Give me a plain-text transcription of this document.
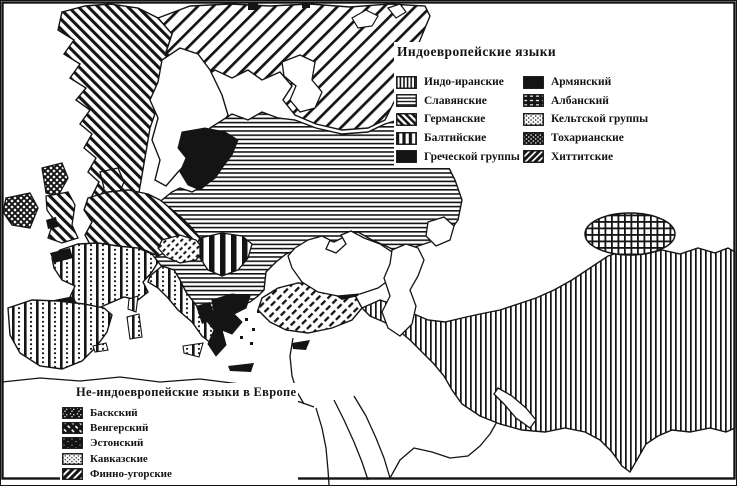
Индоевропейские языки
Индо-иранские
Славянские
Германские
Балтийские
Греческой группы
Армянский
Албанский
Кельтской группы
Тохарианские
Хиттитские
Не-индоевропейские языки в Европе
Баскский
Венгерский
Эстонский
Кавказские
Финно-угорские
